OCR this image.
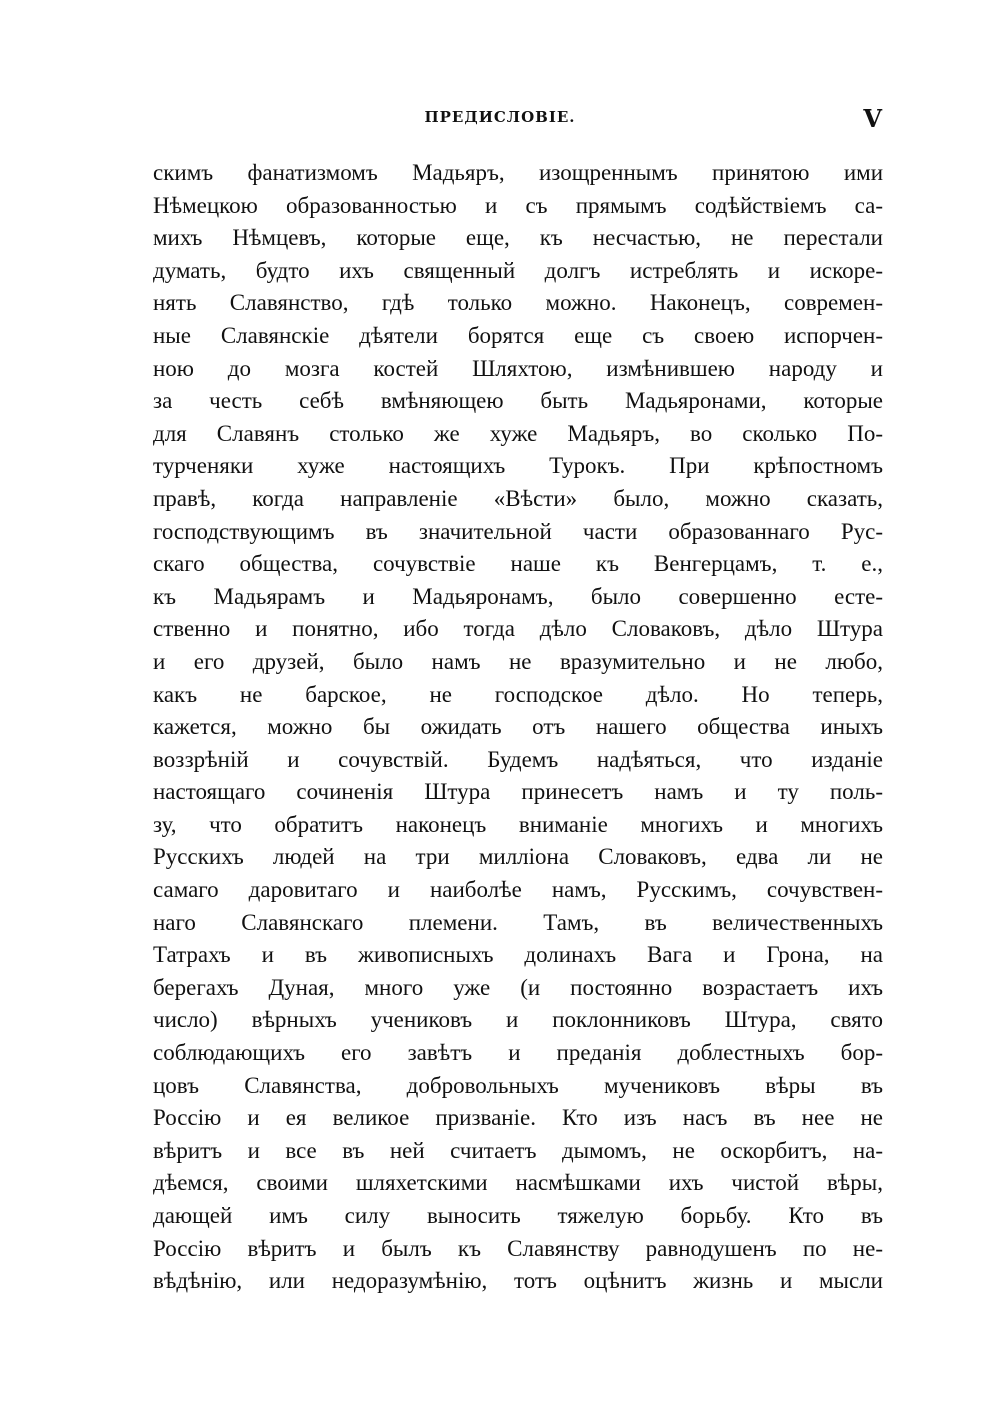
ПРЕДИСЛОВІЕ.	V
скимъ фанатизмомъ Мадьяръ, изощреннымъ принятою ими
Нѣмецкою образованностью и съ прямымъ содѣйствіемъ са-
михъ Нѣмцевъ, которые еще, къ несчастью, не перестали
думать, будто ихъ священный долгъ истреблять и искоре-
нять Славянство, гдѣ только можно. Наконецъ, современ-
ные Славянскіе дѣятели борятся еще съ своею испорчен-
ною до мозга костей Шляхтою, измѣнившею народу и
за честь себѣ вмѣняющею быть Мадьяронами, которые
для Славянъ столько же хуже Мадьяръ, во сколько По-
турченяки хуже настоящихъ Турокъ. При крѣпостномъ
правѣ, когда направленіе «Вѣсти» было, можно сказать,
господствующимъ въ значительной части образованнаго Рус-
скаго общества, сочувствіе наше къ Венгерцамъ, т. е.,
къ Мадьярамъ и Мадьяронамъ, было совершенно есте-
ственно и понятно, ибо тогда дѣло Словаковъ, дѣло Штура
и его друзей, было намъ не вразумительно и не любо,
какъ не барское, не господское дѣло. Но теперь,
кажется, можно бы ожидать отъ нашего общества иныхъ
воззрѣній и сочувствій. Будемъ надѣяться, что изданіе
настоящаго сочиненія Штура принесетъ намъ и ту поль-
зу, что обратитъ наконецъ вниманіе многихъ и многихъ
Русскихъ людей на три милліона Словаковъ, едва ли не
самаго даровитаго и наиболѣе намъ, Русскимъ, сочувствен-
наго Славянскаго племени. Тамъ, въ величественныхъ
Татрахъ и въ живописныхъ долинахъ Вага и Грона, на
берегахъ Дуная, много уже (и постоянно возрастаетъ ихъ
число) вѣрныхъ учениковъ и поклонниковъ Штура, свято
соблюдающихъ его завѣтъ и преданія доблестныхъ бор-
цовъ Славянства, добровольныхъ мучениковъ вѣры въ
Россію и ея великое призваніе. Кто изъ насъ въ нее не
вѣритъ и все въ ней считаетъ дымомъ, не оскорбитъ, на-
дѣемся, своими шляхетскими насмѣшками ихъ чистой вѣры,
дающей имъ силу выносить тяжелую борьбу. Кто въ
Россію вѣритъ и былъ къ Славянству равнодушенъ по не-
вѣдѣнію, или недоразумѣнію, тотъ оцѣнитъ жизнь и мысли
